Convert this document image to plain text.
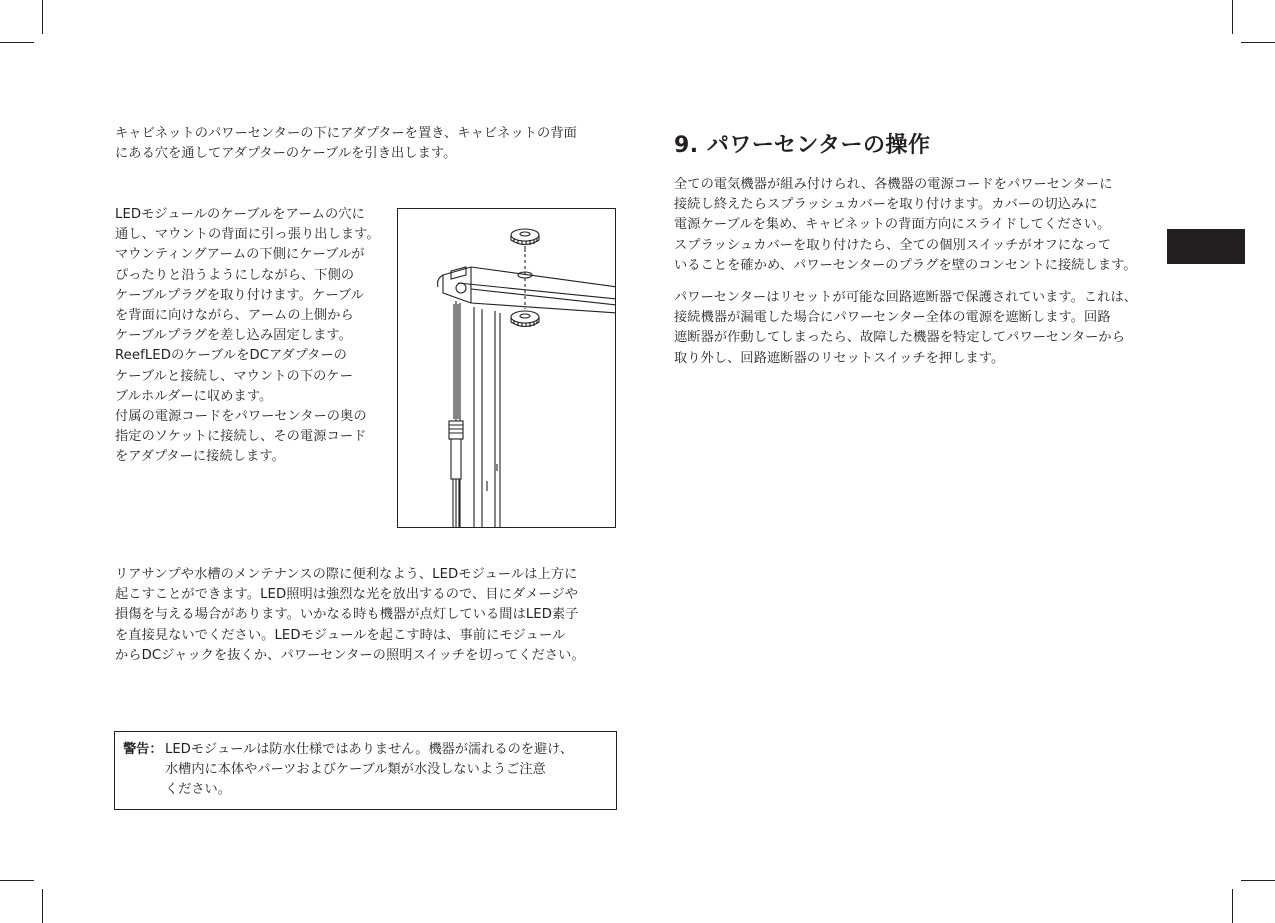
キャビネットのパワーセンターの下にアダプターを置き、キャビネットの背面
にある穴を通してアダプターのケーブルを引き出します。
LEDモジュールのケーブルをアームの穴に
通し、マウントの背面に引っ張り出します。
マウンティングアームの下側にケーブルが
ぴったりと沿うようにしながら、下側の
ケーブルプラグを取り付けます。ケーブル
を背面に向けながら、アームの上側から
ケーブルプラグを差し込み固定します。
ReefLEDのケーブルをDCアダプターの
ケーブルと接続し、マウントの下のケー
ブルホルダーに収めます。
付属の電源コードをパワーセンターの奥の
指定のソケットに接続し、その電源コード
をアダプターに接続します。
リアサンプや水槽のメンテナンスの際に便利なよう、LEDモジュールは上方に
起こすことができます。LED照明は強烈な光を放出するので、目にダメージや
損傷を与える場合があります。いかなる時も機器が点灯している間はLED素子
を直接見ないでください。LEDモジュールを起こす時は、事前にモジュール
からDCジャックを抜くか、パワーセンターの照明スイッチを切ってください。
警告： LEDモジュールは防水仕様ではありません。機器が濡れるのを避け、
水槽内に本体やパーツおよびケーブル類が水没しないようご注意
ください。
9. パワーセンターの操作
全ての電気機器が組み付けられ、各機器の電源コードをパワーセンターに
接続し終えたらスプラッシュカバーを取り付けます。カバーの切込みに
電源ケーブルを集め、キャビネットの背面方向にスライドしてください。
スプラッシュカバーを取り付けたら、全ての個別スイッチがオフになって
いることを確かめ、パワーセンターのプラグを壁のコンセントに接続します。
パワーセンターはリセットが可能な回路遮断器で保護されています。これは、
接続機器が漏電した場合にパワーセンター全体の電源を遮断します。回路
遮断器が作動してしまったら、故障した機器を特定してパワーセンターから
取り外し、回路遮断器のリセットスイッチを押します。
